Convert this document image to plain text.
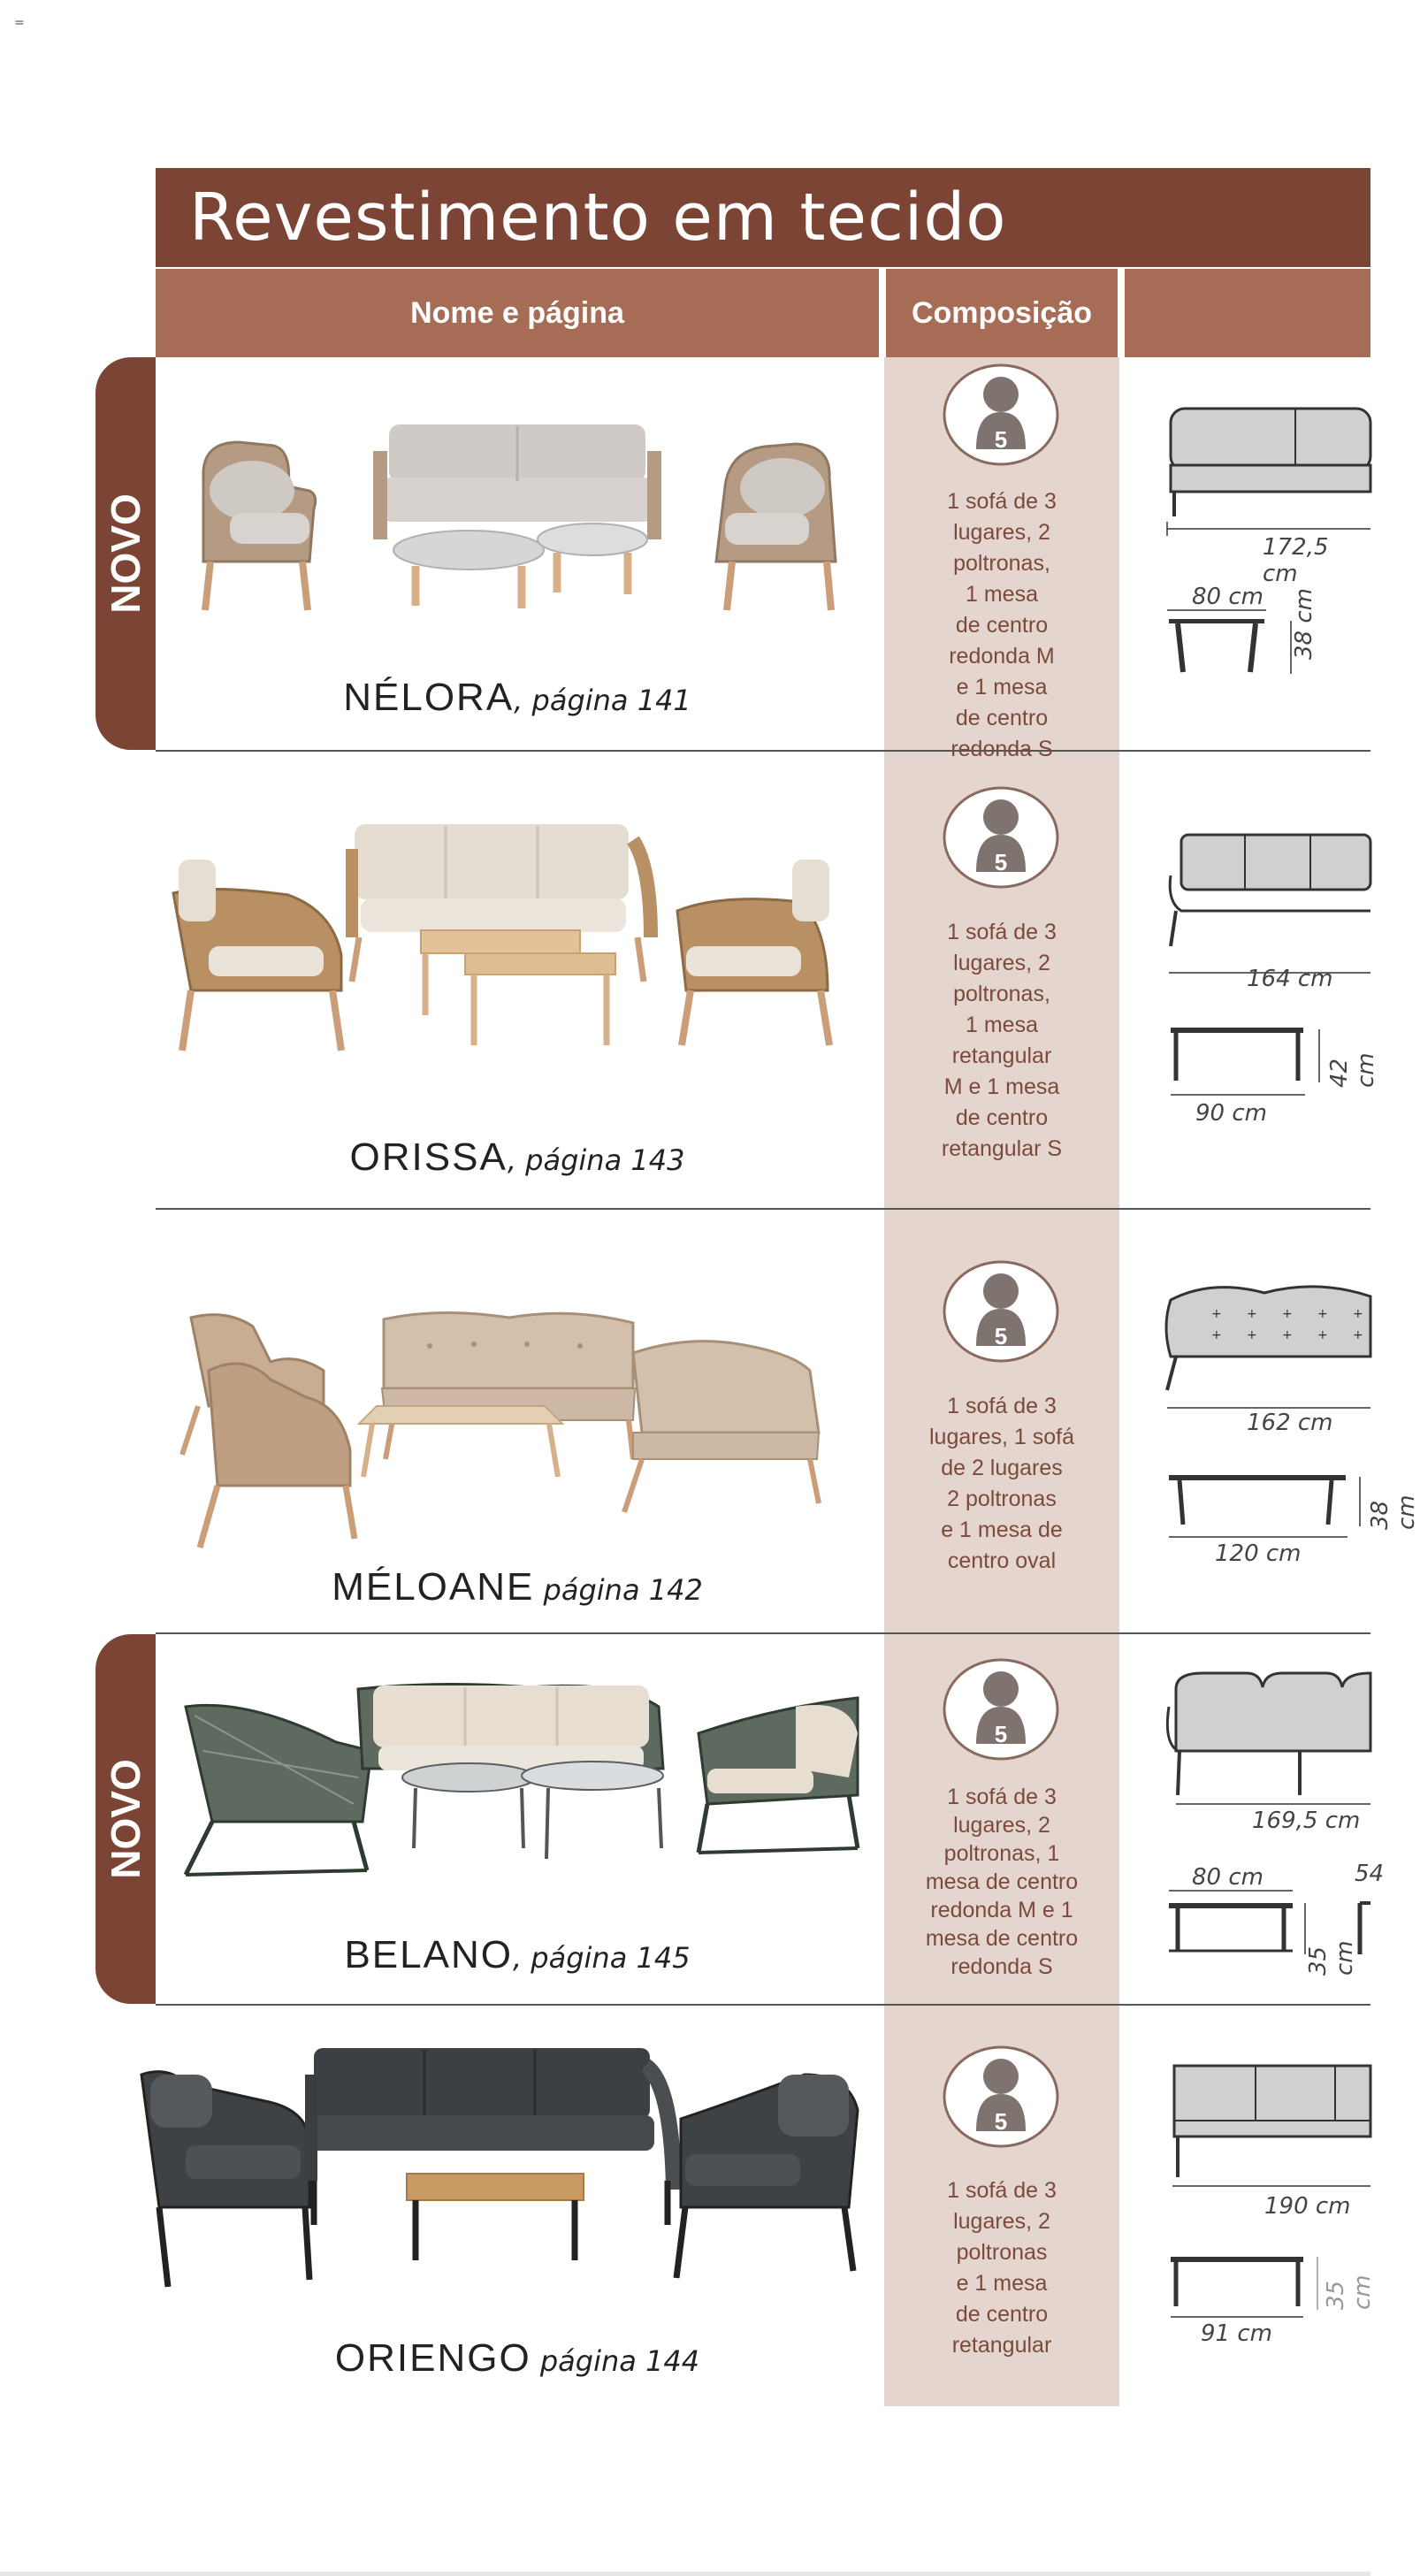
=
Revestimento em tecido
Nome e página	Composição
NOVO
NOVO
NÉLORA, página 141
5
1 sofá de 3
lugares, 2
poltronas,
1 mesa
de centro
redonda M
e 1 mesa
de centro
redonda S
172,5 cm
80 cm 38 cm
ORISSA, página 143
5
1 sofá de 3
lugares, 2
poltronas,
1 mesa
retangular
M e 1 mesa
de centro
retangular S
164 cm
90 cm
42 cm
MÉLOANE página 142
5
1 sofá de 3
lugares, 1 sofá
de 2 lugares
2 poltronas
e 1 mesa de
centro oval
+ + + + +
+ + + + +
162 cm
120 cm
38 cm
BELANO, página 145
5
1 sofá de 3
lugares, 2
poltronas, 1
mesa de centro
redonda M e 1
mesa de centro
redonda S
169,5 cm
80 cm
35 cm
54
ORIENGO página 144
5
1 sofá de 3
lugares, 2
poltronas
e 1 mesa
de centro
retangular
190 cm
91 cm
35 cm
